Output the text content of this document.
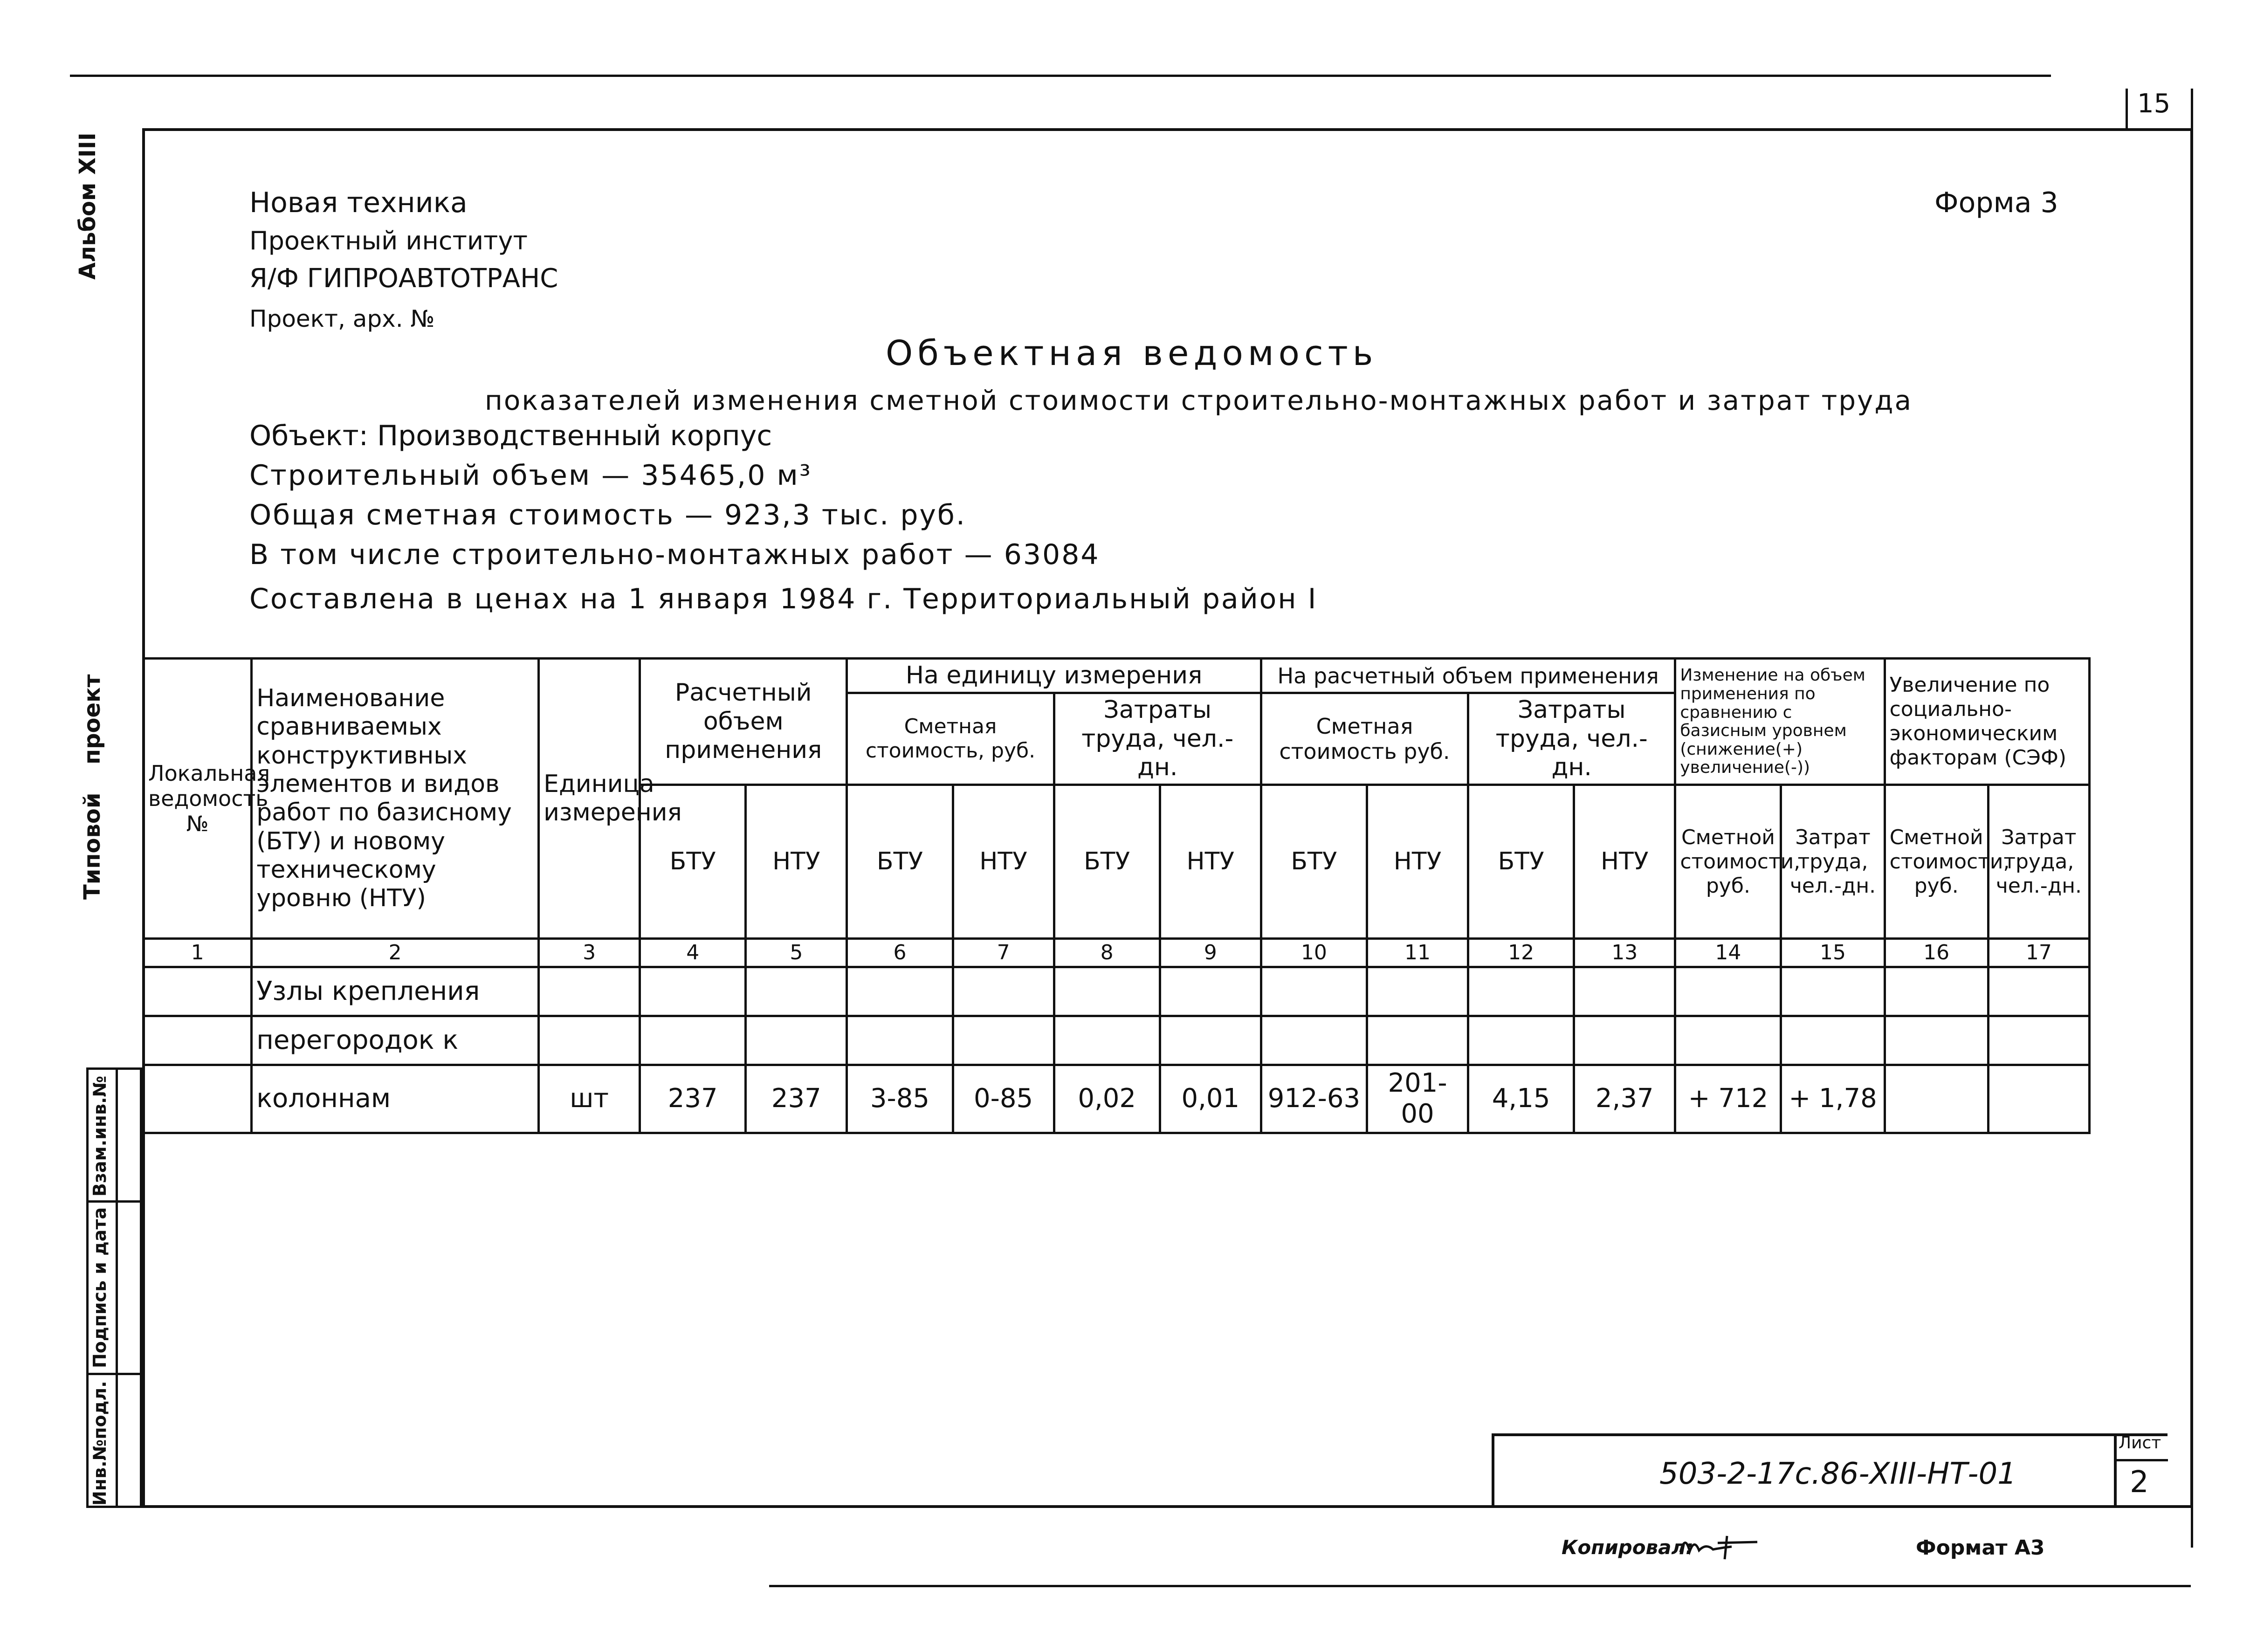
15
Альбом XIII
Типовой
проект
Инв.№подл.
Подпись и дата
Взам.инв.№
Новая техника
Проектный институт
Я/Ф ГИПРОАВТОТРАНС
Проект, арх. №
Форма 3
Объектная ведомость
показателей изменения сметной стоимости строительно-монтажных работ и затрат труда
Объект: Производственный корпус
Строительный объем — 35465,0 м³
Общая сметная стоимость — 923,3 тыс. руб.
В том числе строительно-монтажных работ — 63084
Составлена в ценах на 1 января 1984 г. Территориальный район I
Локальная ведомость №	Наименование сравниваемых конструктивных элементов и видов работ по базисному (БТУ) и новому техническому уровню (НТУ)	Единица измерения	Расчетный объем применения		На единицу измерения				На расчетный объем применения				Изменение на объем применения по сравнению с базисным уровнем (снижение(+) увеличение(-))		Увеличение по социально-экономическим факторам (СЭФ)	
					Сметная стоимость, руб.		Затраты труда, чел.- дн.		Сметная стоимость руб.		Затраты труда, чел.- дн.					
			БТУ	НТУ	БТУ	НТУ	БТУ	НТУ	БТУ	НТУ	БТУ	НТУ	Сметной стоимости, руб.	Затрат труда, чел.-дн.	Сметной стоимости, руб.	Затрат труда, чел.-дн.
1	2	3	4	5	6	7	8	9	10	11	12	13	14	15	16	17
	Узлы крепления															
	перегородок к															
	колоннам	шт	237	237	3-85	0-85	0,02	0,01	912-63	201-00	4,15	2,37	+ 712	+ 1,78		
503-2-17с.86-XIII-НТ-01
Лист
2
Копировал:	Формат А3
